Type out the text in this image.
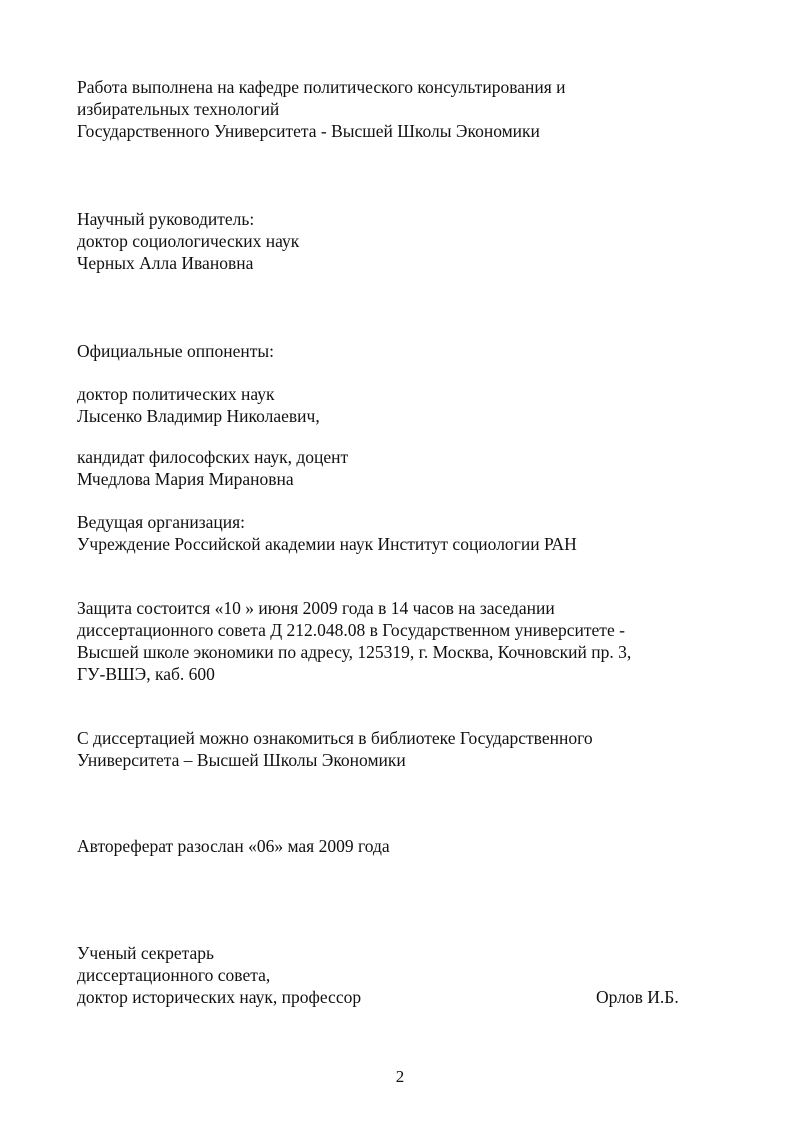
Работа выполнена на кафедре политического консультирования и
избирательных технологий
Государственного Университета - Высшей Школы Экономики
Научный руководитель:
доктор социологических наук
Черных Алла Ивановна
Официальные оппоненты:
доктор политических наук
Лысенко Владимир Николаевич,
кандидат философских наук, доцент
Мчедлова Мария Мирановна
Ведущая организация:
Учреждение Российской академии наук Институт социологии РАН
Защита состоится «10 » июня 2009 года в 14 часов на заседании
диссертационного совета Д 212.048.08 в Государственном университете -
Высшей школе экономики по адресу, 125319, г. Москва, Кочновский пр. 3,
ГУ-ВШЭ, каб. 600
С диссертацией можно ознакомиться в библиотеке Государственного
Университета – Высшей Школы Экономики
Автореферат разослан «06» мая 2009 года
Ученый секретарь
диссертационного совета,
доктор исторических наук, профессор	Орлов И.Б.
2
